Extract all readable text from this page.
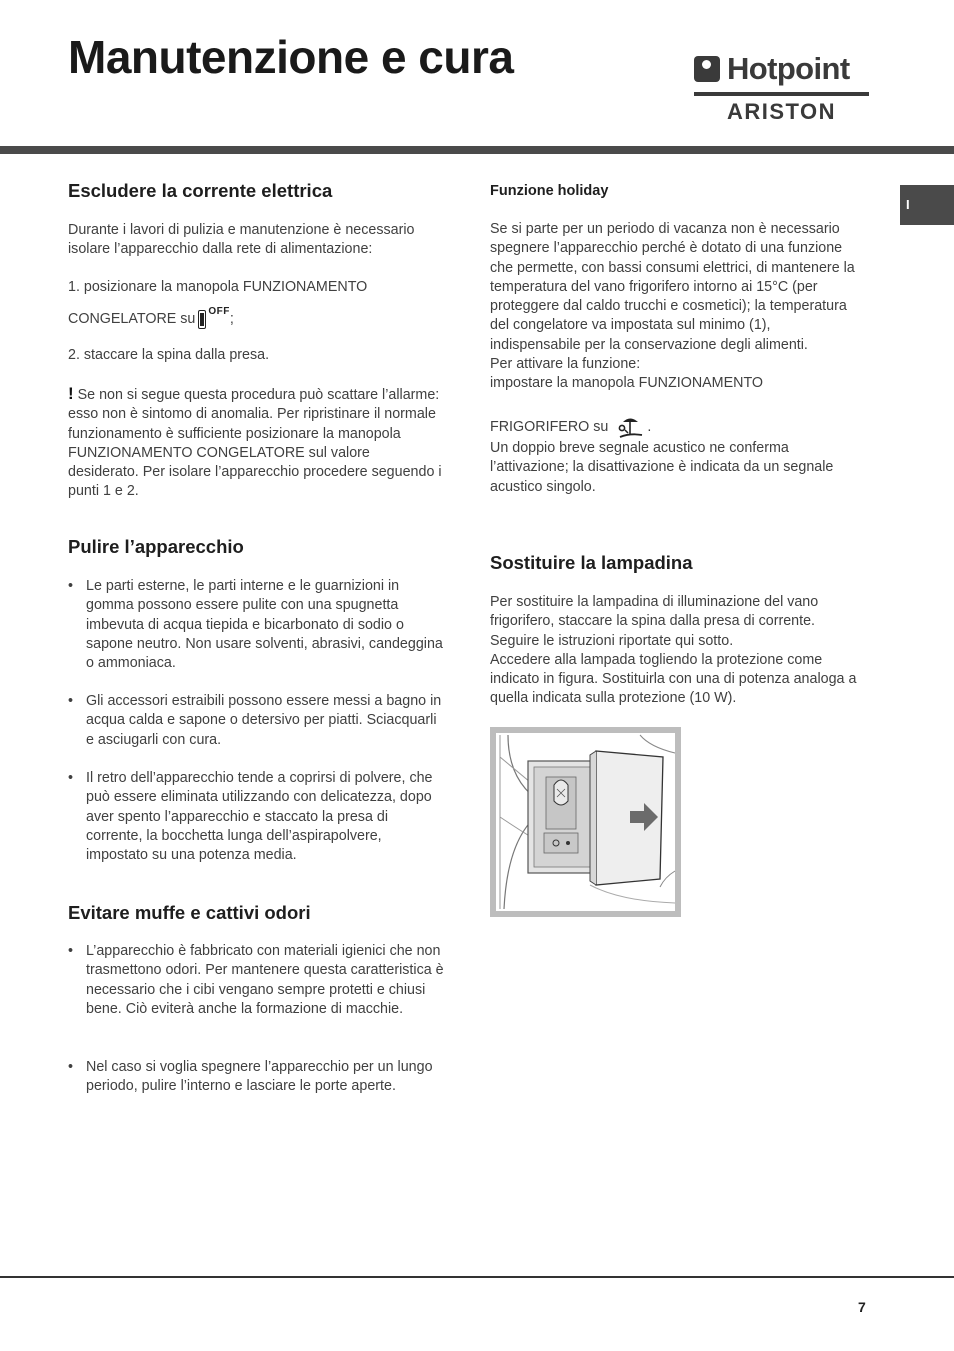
Manutenzione e cura	Hotpoint
ARISTON
I
Escludere la corrente elettrica

Durante i lavori di pulizia e manutenzione è necessario isolare l’apparecchio dalla rete di alimentazione:

1. posizionare la manopola FUNZIONAMENTO

CONGELATORE su $^{OFF}$;

2. staccare la spina dalla presa.

! Se non si segue questa procedura può scattare l’allarme: esso non è sintomo di anomalia. Per ripristinare il normale funzionamento è sufficiente posizionare la manopola FUNZIONAMENTO CONGELATORE sul valore desiderato. Per isolare l’apparecchio procedere seguendo i punti 1 e 2.

Pulire l’apparecchio

• Le parti esterne, le parti interne e le guarnizioni in gomma possono essere pulite con una spugnetta imbevuta di acqua tiepida e bicarbonato di sodio o sapone neutro. Non usare solventi, abrasivi, candeggina o ammoniaca.

• Gli accessori estraibili possono essere messi a bagno in acqua calda e sapone o detersivo per piatti. Sciacquarli e asciugarli con cura.

• Il retro dell’apparecchio tende a coprirsi di polvere, che può essere eliminata utilizzando con delicatezza, dopo aver spento l’apparecchio e staccato la presa di corrente, la bocchetta lunga dell’aspirapolvere, impostato su una potenza media.

Evitare muffe e cattivi odori

• L’apparecchio è fabbricato con materiali igienici che non trasmettono odori. Per mantenere questa caratteristica è necessario che i cibi vengano sempre protetti e chiusi bene. Ciò eviterà anche la formazione di macchie.

• Nel caso si voglia spegnere l’apparecchio per un lungo periodo, pulire l’interno e lasciare le porte aperte.

Funzione holiday

Se si parte per un periodo di vacanza non è necessario spegnere l’apparecchio perché è dotato di una funzione che permette, con bassi consumi elettrici, di mantenere la temperatura del vano frigorifero intorno ai 15°C (per proteggere dal caldo trucchi e cosmetici); la temperatura del congelatore va impostata sul minimo (1), indispensabile per la conservazione degli alimenti.

Per attivare la funzione:

impostare la manopola FUNZIONAMENTO

FRIGORIFERO su	.

Un doppio breve segnale acustico ne conferma l’attivazione; la disattivazione è indicata da un segnale acustico singolo.

Sostituire la lampadina

Per sostituire la lampadina di illuminazione del vano frigorifero, staccare la spina dalla presa di corrente. Seguire le istruzioni riportate qui sotto.

Accedere alla lampada togliendo la protezione come indicato in figura. Sostituirla con una di potenza analoga a quella indicata sulla protezione (10 W).

7
